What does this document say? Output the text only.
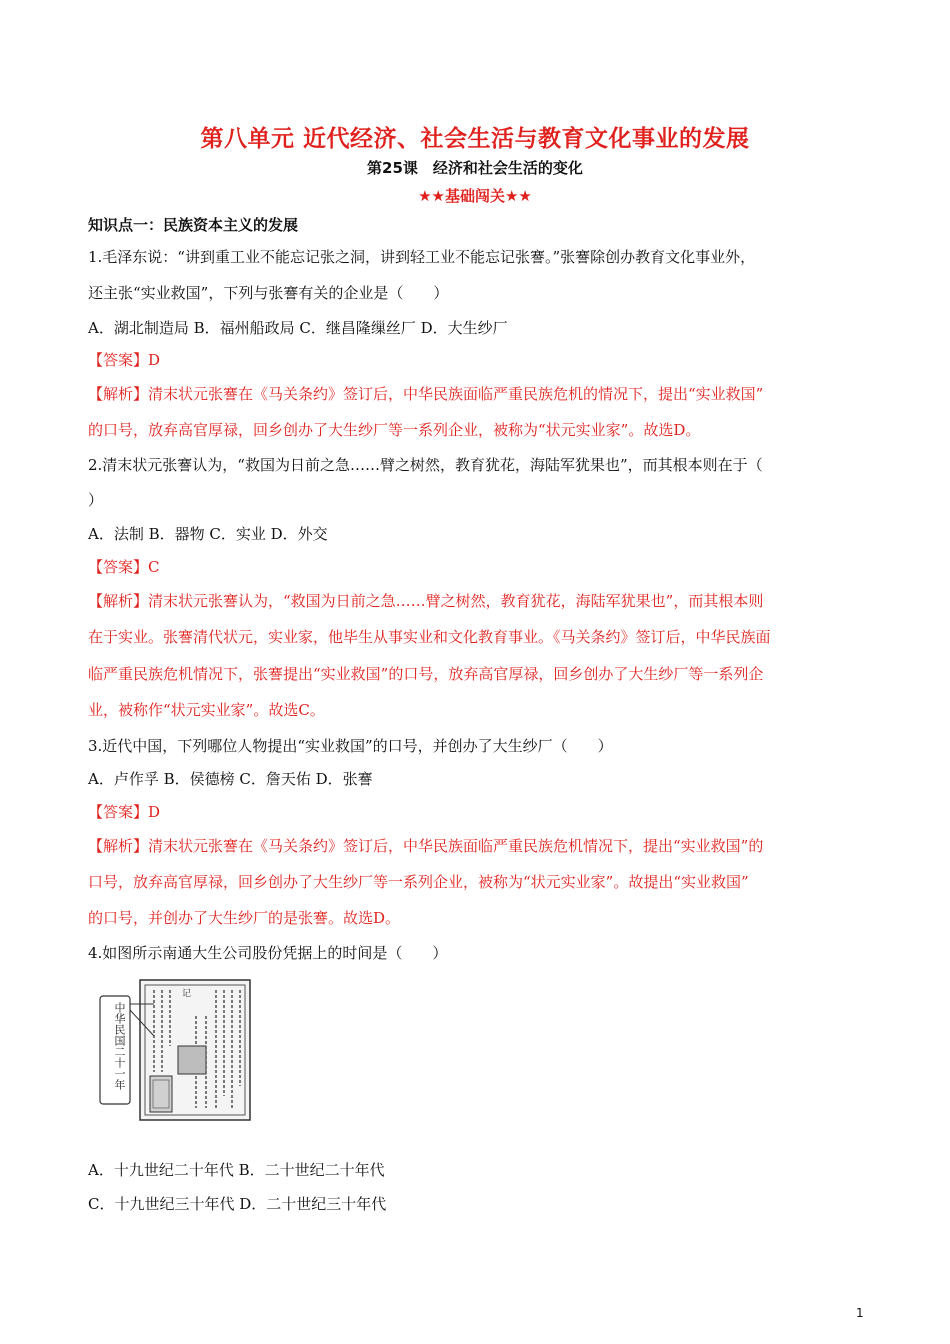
第八单元 近代经济、社会生活与教育文化事业的发展
第25课　经济和社会生活的变化
★★基础闯关★★
知识点一：民族资本主义的发展
1.毛泽东说：“讲到重工业不能忘记张之洞，讲到轻工业不能忘记张謇。”张謇除创办教育文化事业外，
还主张“实业救国”，下列与张謇有关的企业是（　　）
A．湖北制造局 B．福州船政局 C．继昌隆缫丝厂 D．大生纱厂
【答案】D
【解析】清末状元张謇在《马关条约》签订后，中华民族面临严重民族危机的情况下，提出“实业救国”
的口号，放弃高官厚禄，回乡创办了大生纱厂等一系列企业，被称为“状元实业家”。故选D。
2.清末状元张謇认为，“救国为日前之急……臂之树然，教育犹花，海陆军犹果也”，而其根本则在于（
）
A．法制 B．器物 C．实业 D．外交
【答案】C
【解析】清末状元张謇认为，“救国为日前之急……臂之树然，教育犹花，海陆军犹果也”，而其根本则
在于实业。张謇清代状元，实业家，他毕生从事实业和文化教育事业。《马关条约》签订后，中华民族面
临严重民族危机情况下，张謇提出“实业救国”的口号，放弃高官厚禄，回乡创办了大生纱厂等一系列企
业，被称作“状元实业家”。故选C。
3.近代中国，下列哪位人物提出“实业救国”的口号，并创办了大生纱厂（　　）
A．卢作孚 B．侯德榜 C．詹天佑 D．张謇
【答案】D
【解析】清末状元张謇在《马关条约》签订后，中华民族面临严重民族危机情况下，提出“实业救国”的
口号，放弃高官厚禄，回乡创办了大生纱厂等一系列企业，被称为“状元实业家”。故提出“实业救国”
的口号，并创办了大生纱厂的是张謇。故选D。
4.如图所示南通大生公司股份凭据上的时间是（　　）
记
中华民国二十一年
A．十九世纪二十年代 B．二十世纪二十年代
C．十九世纪三十年代 D．二十世纪三十年代
1
